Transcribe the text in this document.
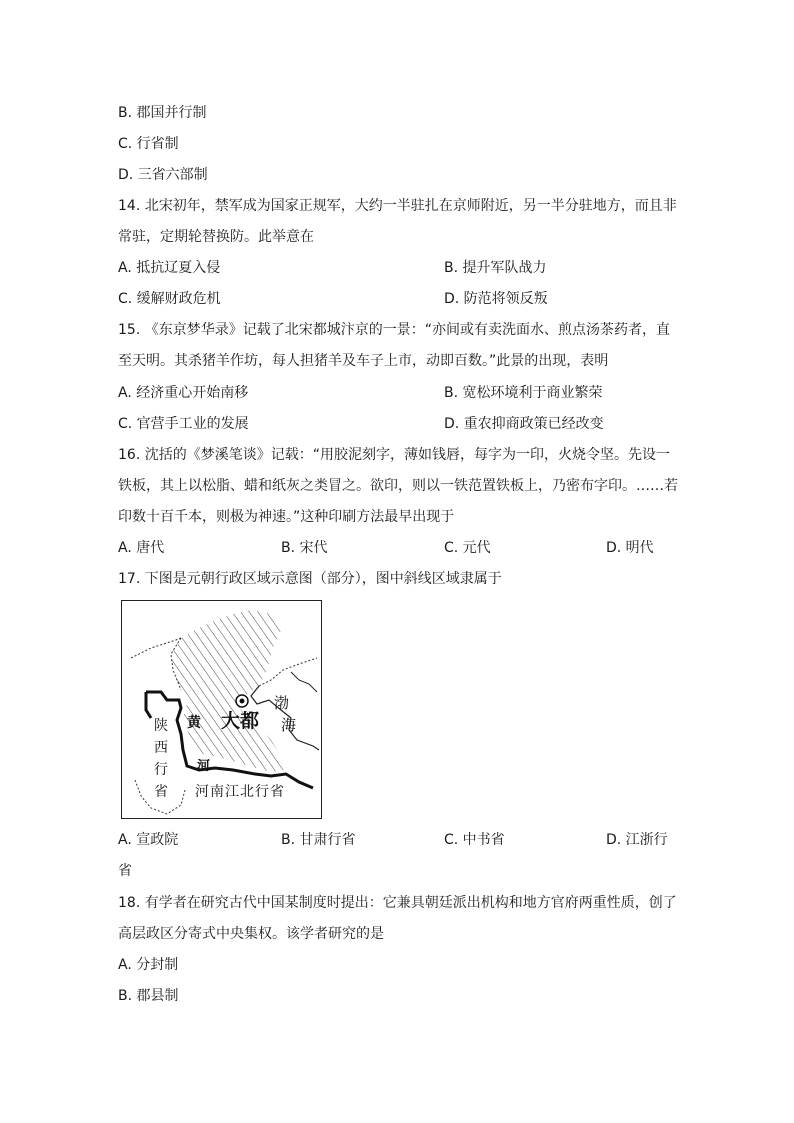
B. 郡国并行制
C. 行省制
D. 三省六部制
14. 北宋初年，禁军成为国家正规军，大约一半驻扎在京师附近，另一半分驻地方，而且非
常驻，定期轮替换防。此举意在
A. 抵抗辽夏入侵	B. 提升军队战力
C. 缓解财政危机	D. 防范将领反叛
15. 《东京梦华录》记载了北宋都城汴京的一景：“亦间或有卖洗面水、煎点汤茶药者，直
至天明。其杀猪羊作坊，每人担猪羊及车子上市，动即百数。”此景的出现，表明
A. 经济重心开始南移	B. 宽松环境利于商业繁荣
C. 官营手工业的发展	D. 重农抑商政策已经改变
16. 沈括的《梦溪笔谈》记载：“用胶泥刻字，薄如钱唇，每字为一印，火烧令坚。先设一
铁板，其上以松脂、蜡和纸灰之类冒之。欲印，则以一铁范置铁板上，乃密布字印。……若
印数十百千本，则极为神速。”这种印刷方法最早出现于
A. 唐代	B. 宋代	C. 元代	D. 明代
17. 下图是元朝行政区域示意图（部分），图中斜线区域隶属于
大都
黄
河
渤
海
陕
西
行
省 河南江北行省
A. 宣政院	B. 甘肃行省	C. 中书省	D. 江浙行
省
18. 有学者在研究古代中国某制度时提出：它兼具朝廷派出机构和地方官府两重性质，创了
高层政区分寄式中央集权。该学者研究的是
A. 分封制
B. 郡县制
